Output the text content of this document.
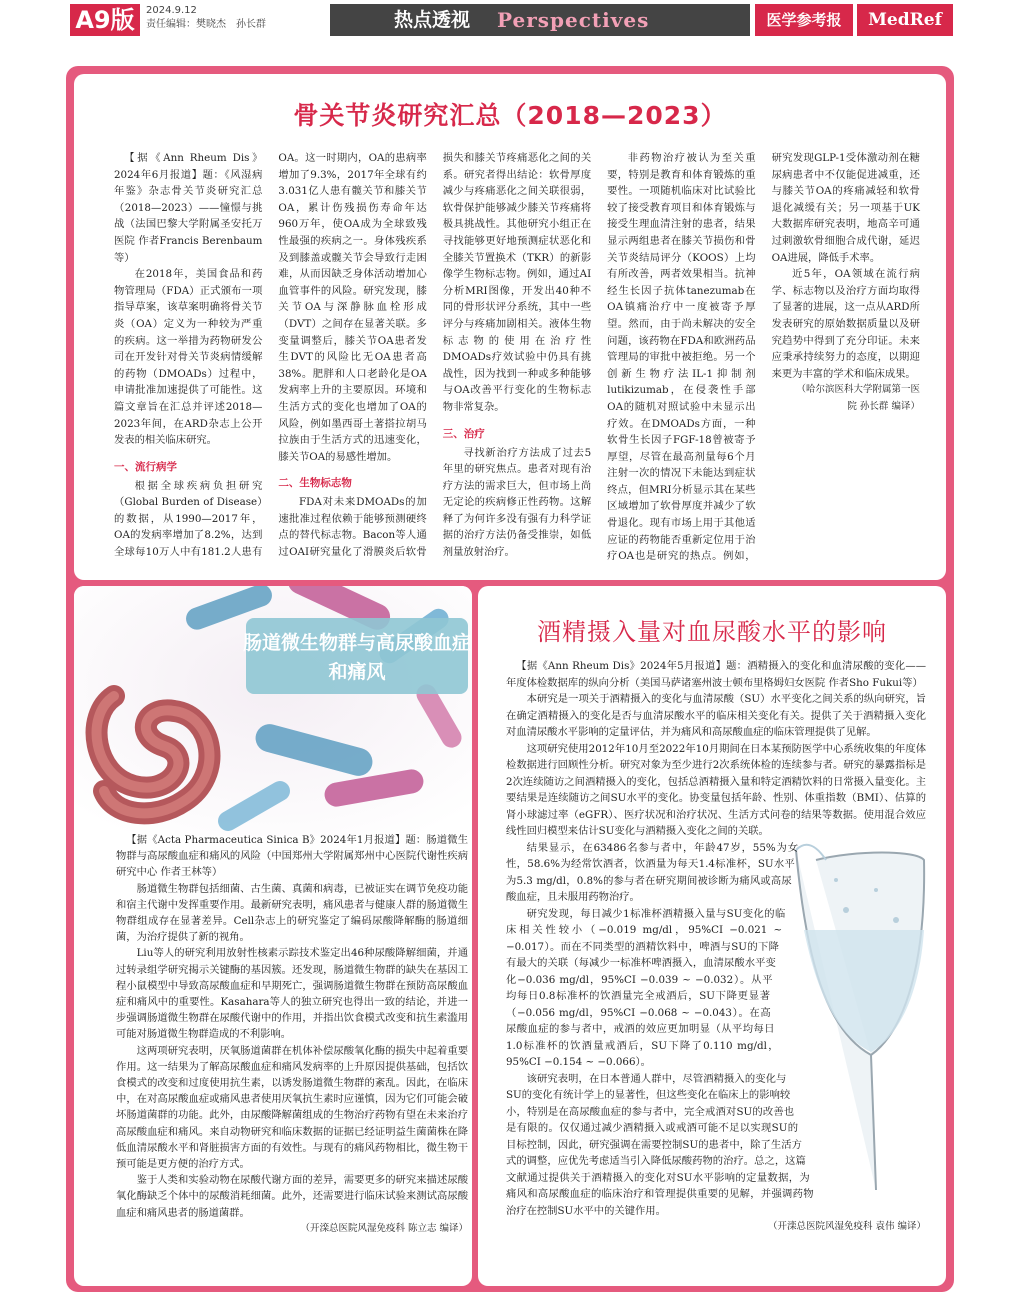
A9版	2024.9.12
责任编辑：樊晓杰　孙长群	热点透视 Perspectives	医学参考报	MedRef
骨关节炎研究汇总（2018—2023）

【据《Ann Rheum Dis》2024年6月报道】题：《风湿病年鉴》杂志骨关节炎研究汇总（2018—2023）——憧憬与挑战（法国巴黎大学附属圣安托万医院 作者Francis Berenbaum等）

在2018年，美国食品和药物管理局（FDA）正式颁布一项指导草案，该草案明确将骨关节炎（OA）定义为一种较为严重的疾病。这一举措为药物研发公司在开发针对骨关节炎病情缓解的药物（DMOADs）过程中，申请批准加速提供了可能性。这篇文章旨在汇总并评述2018—2023年间，在ARD杂志上公开发表的相关临床研究。

一、流行病学

根据全球疾病负担研究（Global Burden of Disease）的数据，从1990—2017年，OA的发病率增加了8.2%，达到全球每10万人中有181.2人患有OA。这一时期内，OA的患病率增加了9.3%，2017年全球有约3.031亿人患有髋关节和膝关节OA，累计伤残损伤寿命年达960万年，使OA成为全球致残性最强的疾病之一。身体残疾系及到膝盖或髋关节会导致行走困难，从而因缺乏身体活动增加心血管事件的风险。研究发现，膝关节OA与深静脉血栓形成（DVT）之间存在显著关联。多变量调整后，膝关节OA患者发生DVT的风险比无OA患者高38%。肥胖和人口老龄化是OA发病率上升的主要原因。环境和生活方式的变化也增加了OA的风险，例如墨西哥土著搭拉胡马拉族由于生活方式的迅速变化，膝关节OA的易感性增加。

二、生物标志物

FDA对未来DMOADs的加速批准过程依赖于能够预测硬终点的替代标志物。Bacon等人通过OAI研究量化了滑膜炎后软骨损失和膝关节疼痛恶化之间的关系。研究者得出结论：软骨厚度减少与疼痛恶化之间关联很弱，软骨保护能够减少膝关节疼痛将极具挑战性。其他研究小组正在寻找能够更好地预测症状恶化和全膝关节置换术（TKR）的新影像学生物标志物。例如，通过AI分析MRI图像，开发出40种不同的骨形状评分系统，其中一些评分与疼痛加剧相关。液体生物标志物的使用在治疗性DMOADs疗效试验中仍具有挑战性，因为找到一种或多种能够与OA改善平行变化的生物标志物非常复杂。

三、治疗

寻找新治疗方法成了过去5年里的研究焦点。患者对现有治疗方法的需求巨大，但市场上尚无定论的疾病修正性药物。这解释了为何许多没有强有力科学证据的治疗方法仍备受推崇，如低剂量放射治疗。

非药物治疗被认为至关重要，特别是教育和体育锻炼的重要性。一项随机临床对比试验比较了接受教育项目和体育锻炼与接受生理血清注射的患者，结果显示两组患者在膝关节损伤和骨关节炎结局评分（KOOS）上均有所改善，两者效果相当。抗神经生长因子抗体tanezumab在OA镇痛治疗中一度被寄予厚望。然而，由于尚未解决的安全问题，该药物在FDA和欧洲药品管理局的审批中被拒绝。另一个创新生物疗法IL-1抑制剂lutikizumab，在侵袭性手部OA的随机对照试验中未显示出疗效。在DMOADs方面，一种软骨生长因子FGF-18曾被寄予厚望，尽管在最高剂量每6个月注射一次的情况下未能达到症状终点，但MRI分析显示其在某些区域增加了软骨厚度并减少了软骨退化。现有市场上用于其他适应证的药物能否重新定位用于治疗OA也是研究的热点。例如，研究发现GLP-1受体激动剂在糖尿病患者中不仅能促进减重，还与膝关节OA的疼痛减轻和软骨退化减缓有关；另一项基于UK大数据库研究表明，地高辛可通过刺激软骨细胞合成代谢，延迟OA进展，降低手术率。

近5年，OA领域在流行病学、标志物以及治疗方面均取得了显著的进展，这一点从ARD所发表研究的原始数据质量以及研究趋势中得到了充分印证。未来应秉承持续努力的态度，以期迎来更为丰富的学术和临床成果。

（哈尔滨医科大学附属第一医院 孙长群 编译）

肠道微生物群与高尿酸血症
和痛风

【据《Acta Pharmaceutica Sinica B》2024年1月报道】题：肠道微生物群与高尿酸血症和痛风的风险（中国郑州大学附属郑州中心医院代谢性疾病研究中心 作者王林等）

肠道微生物群包括细菌、古生菌、真菌和病毒，已被证实在调节免疫功能和宿主代谢中发挥重要作用。最新研究表明，痛风患者与健康人群的肠道微生物群组成存在显著差异。Cell杂志上的研究鉴定了编码尿酸降解酶的肠道细菌，为治疗提供了新的视角。

Liu等人的研究利用放射性核素示踪技术鉴定出46种尿酸降解细菌，并通过转录组学研究揭示关键酶的基因簇。还发现，肠道微生物群的缺失在基因工程小鼠模型中导致高尿酸血症和早期死亡，强调肠道微生物群在预防高尿酸血症和痛风中的重要性。Kasahara等人的独立研究也得出一致的结论，并进一步强调肠道微生物群在尿酸代谢中的作用，并指出饮食模式改变和抗生素滥用可能对肠道微生物群造成的不利影响。

这两项研究表明，厌氧肠道菌群在机体补偿尿酸氧化酶的损失中起着重要作用。这一结果为了解高尿酸血症和痛风发病率的上升原因提供基础，包括饮食模式的改变和过度使用抗生素，以诱发肠道微生物群的紊乱。因此，在临床中，在对高尿酸血症或痛风患者使用厌氧抗生素时应谨慎，因为它们可能会破坏肠道菌群的功能。此外，由尿酸降解菌组成的生物治疗药物有望在未来治疗高尿酸血症和痛风。来自动物研究和临床数据的证据已经证明益生菌菌株在降低血清尿酸水平和肾脏损害方面的有效性。与现有的痛风药物相比，微生物干预可能是更方便的治疗方式。

鉴于人类和实验动物在尿酸代谢方面的差异，需要更多的研究来描述尿酸氧化酶缺乏个体中的尿酸消耗细菌。此外，还需要进行临床试验来测试高尿酸血症和痛风患者的肠道菌群。

（开滦总医院风湿免疫科 陈立志 编译）

酒精摄入量对血尿酸水平的影响

【据《Ann Rheum Dis》2024年5月报道】题：酒精摄入的变化和血清尿酸的变化——年度体检数据库的纵向分析（美国马萨诸塞州波士顿布里格姆妇女医院 作者Sho Fukui等）

本研究是一项关于酒精摄入的变化与血清尿酸（SU）水平变化之间关系的纵向研究，旨在确定酒精摄入的变化是否与血清尿酸水平的临床相关变化有关。提供了关于酒精摄入变化对血清尿酸水平影响的定量评估，并为痛风和高尿酸血症的临床管理提供了见解。

这项研究使用2012年10月至2022年10月期间在日本某预防医学中心系统收集的年度体检数据进行回顾性分析。研究对象为至少进行2次系统体检的连续参与者。研究的暴露指标是2次连续随访之间酒精摄入的变化，包括总酒精摄入量和特定酒精饮料的日常摄入量变化。主要结果是连续随访之间SU水平的变化。协变量包括年龄、性别、体重指数（BMI）、估算的肾小球滤过率（eGFR）、医疗状况和治疗状况、生活方式问卷的结果等数据。使用混合效应线性回归模型来估计SU变化与酒精摄入变化之间的关联。

结果显示，在63486名参与者中，年龄47岁，55%为女性，58.6%为经常饮酒者，饮酒量为每天1.4标准杯，SU水平为5.3 mg/dl，0.8%的参与者在研究期间被诊断为痛风或高尿酸血症，且未服用药物治疗。

研究发现，每日减少1标准杯酒精摄入量与SU变化的临床相关性较小（−0.019 mg/dl，95%CI −0.021 ~ −0.017）。而在不同类型的酒精饮料中，啤酒与SU的下降有最大的关联（每减少一标准杯啤酒摄入，血清尿酸水平变化−0.036 mg/dl，95%CI −0.039 ~ −0.032）。从平均每日0.8标准杯的饮酒量完全戒酒后，SU下降更显著（−0.056 mg/dl，95%CI −0.068 ~ −0.043）。在高尿酸血症的参与者中，戒酒的效应更加明显（从平均每日1.0标准杯的饮酒量戒酒后，SU下降了0.110 mg/dl，95%CI −0.154 ~ −0.066）。

该研究表明，在日本普通人群中，尽管酒精摄入的变化与SU的变化有统计学上的显著性，但这些变化在临床上的影响较小，特别是在高尿酸血症的参与者中，完全戒酒对SU的改善也是有限的。仅仅通过减少酒精摄入或戒酒可能不足以实现SU的目标控制，因此，研究强调在需要控制SU的患者中，除了生活方式的调整，应优先考虑适当引入降低尿酸药物的治疗。总之，这篇文献通过提供关于酒精摄入的变化对SU水平影响的定量数据，为痛风和高尿酸血症的临床治疗和管理提供重要的见解，并强调药物治疗在控制SU水平中的关键作用。

（开滦总医院风湿免疫科 袁伟 编译）
